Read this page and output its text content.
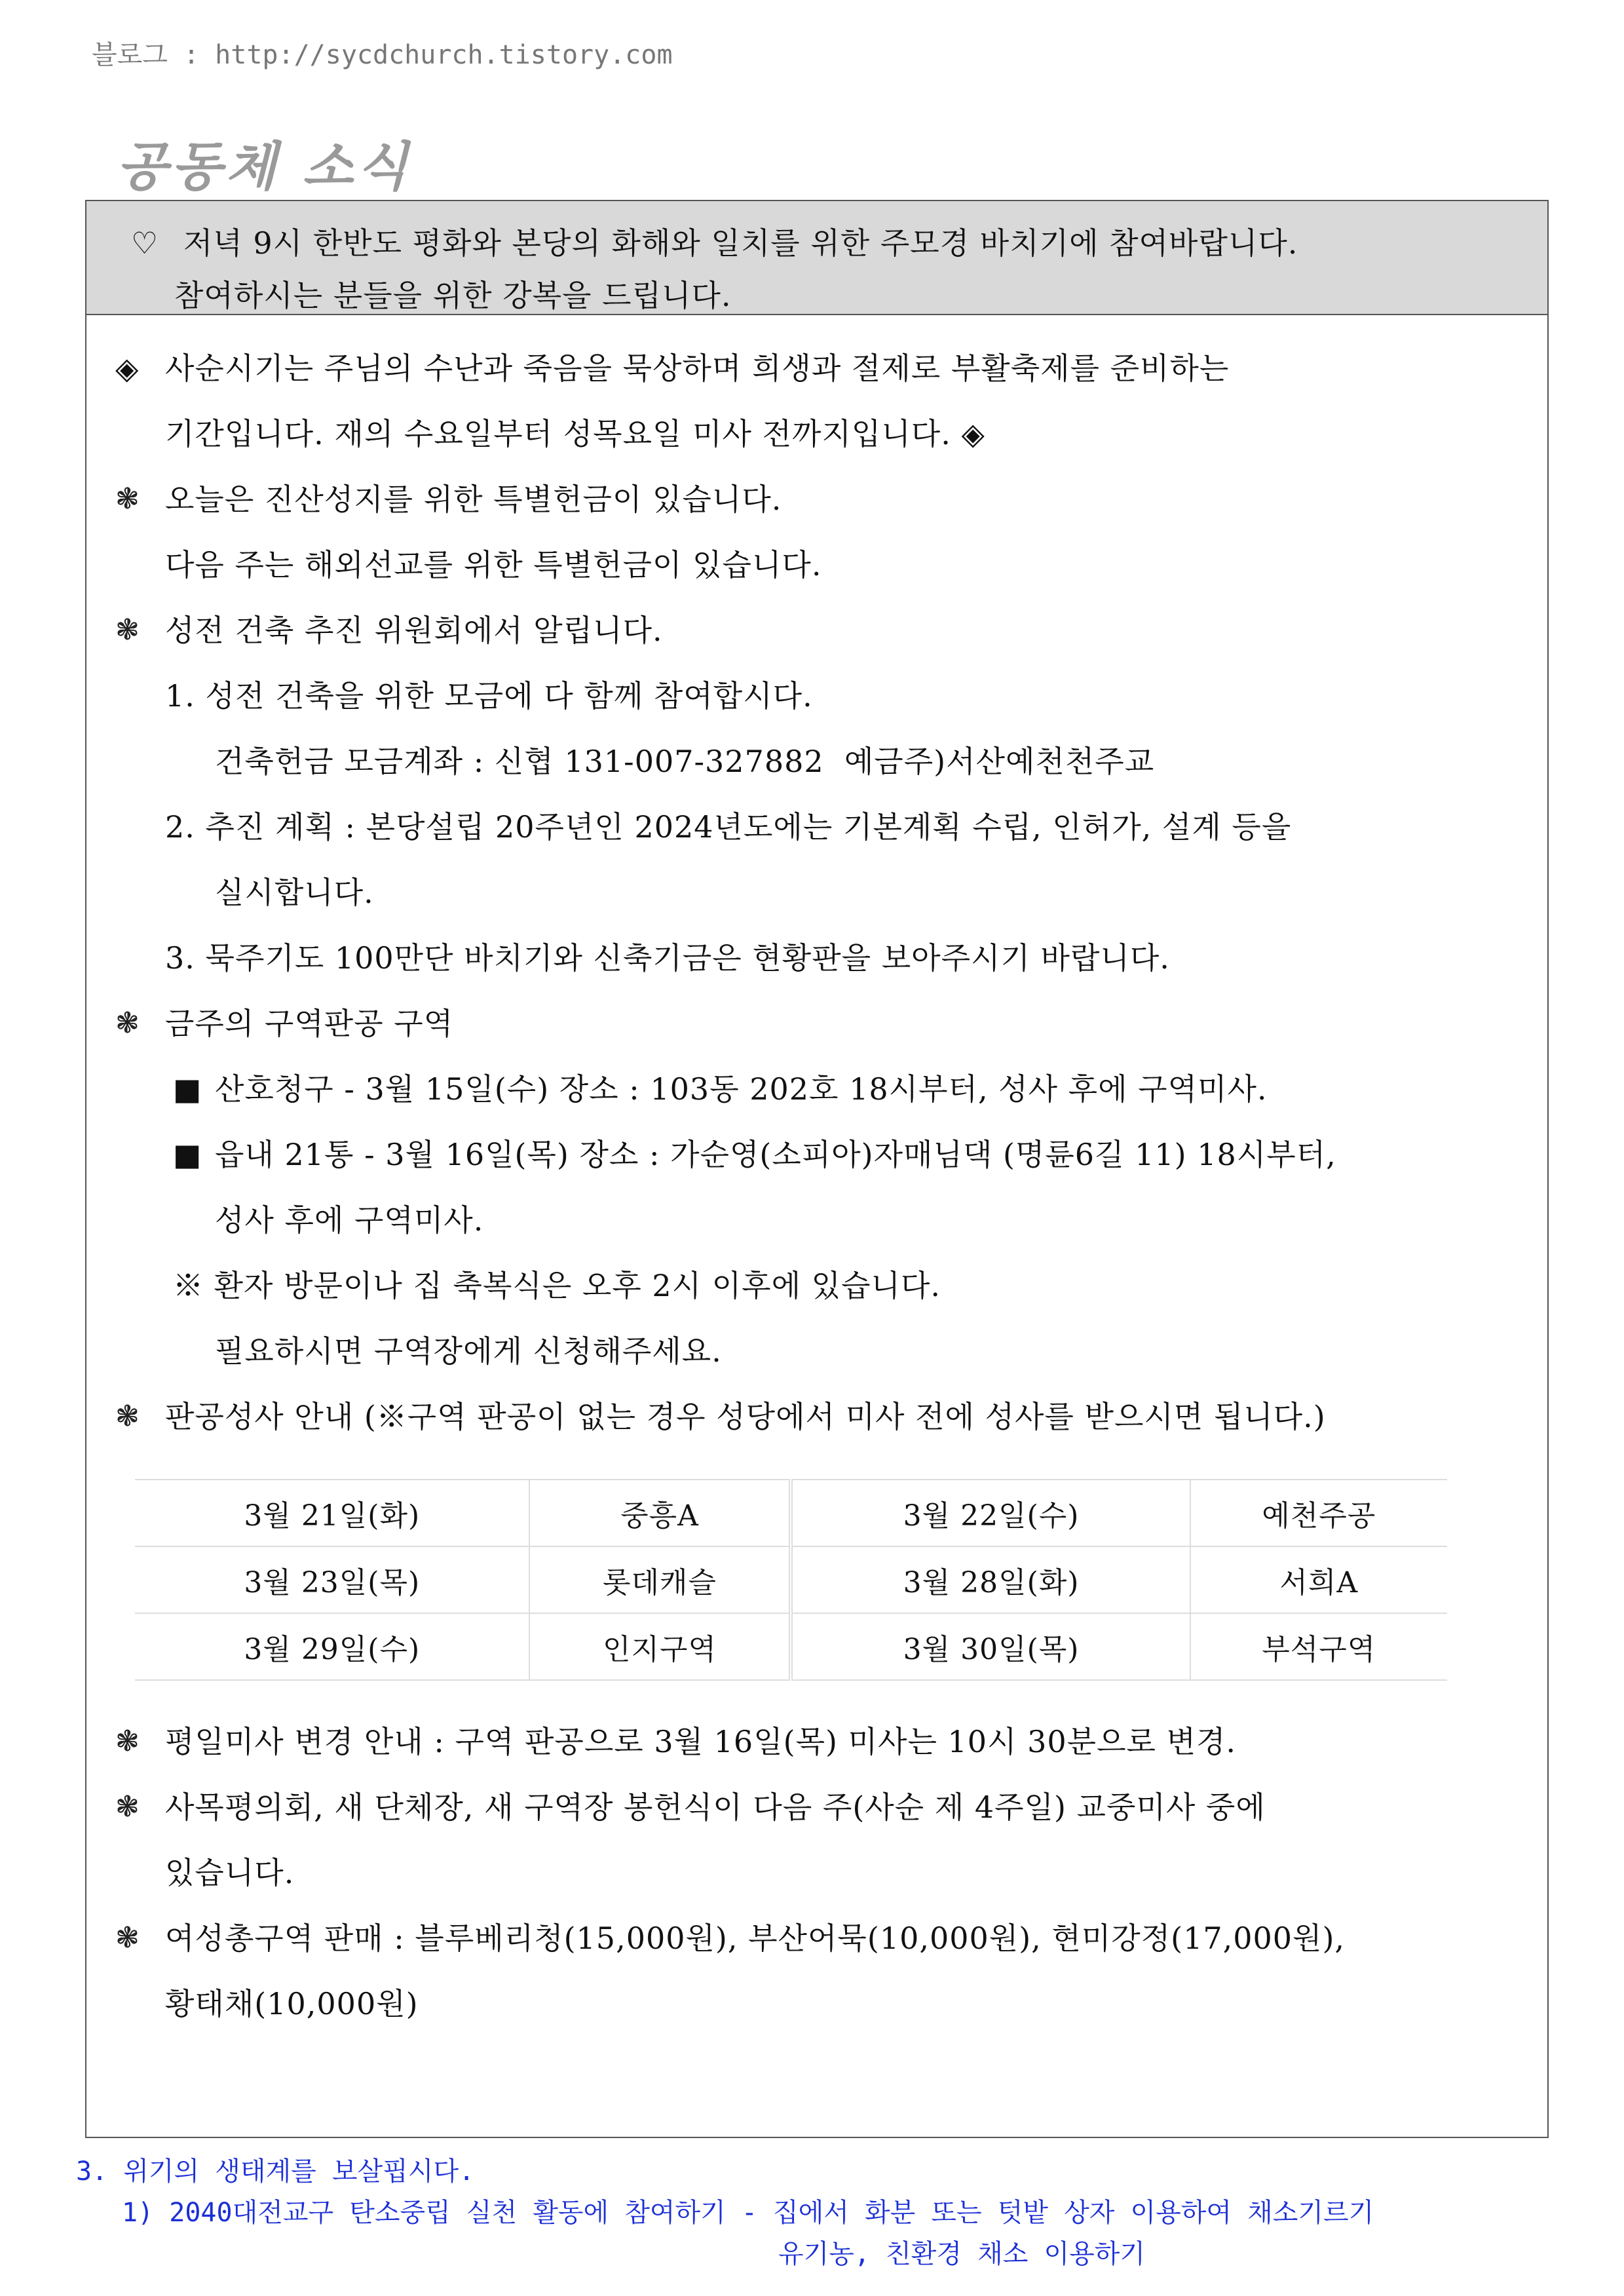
블로그 : http://sycdchurch.tistory.com
공동체 소식
♡ 저녁 9시 한반도 평화와 본당의 화해와 일치를 위한 주모경 바치기에 참여바랍니다.
참여하시는 분들을 위한 강복을 드립니다.
◈ 사순시기는 주님의 수난과 죽음을 묵상하며 희생과 절제로 부활축제를 준비하는
기간입니다. 재의 수요일부터 성목요일 미사 전까지입니다. ◈
❃ 오늘은 진산성지를 위한 특별헌금이 있습니다.
다음 주는 해외선교를 위한 특별헌금이 있습니다.
❃ 성전 건축 추진 위원회에서 알립니다.
1. 성전 건축을 위한 모금에 다 함께 참여합시다.
건축헌금 모금계좌 : 신협 131-007-327882  예금주)서산예천천주교
2. 추진 계획 : 본당설립 20주년인 2024년도에는 기본계획 수립, 인허가, 설계 등을
실시합니다.
3. 묵주기도 100만단 바치기와 신축기금은 현황판을 보아주시기 바랍니다.
❃ 금주의 구역판공 구역
■ 산호청구 - 3월 15일(수) 장소 : 103동 202호 18시부터, 성사 후에 구역미사.
■ 읍내 21통 - 3월 16일(목) 장소 : 가순영(소피아)자매님댁 (명륜6길 11) 18시부터,
성사 후에 구역미사.
※ 환자 방문이나 집 축복식은 오후 2시 이후에 있습니다.
필요하시면 구역장에게 신청해주세요.
❃ 판공성사 안내 (※구역 판공이 없는 경우 성당에서 미사 전에 성사를 받으시면 됩니다.)
❃ 평일미사 변경 안내 : 구역 판공으로 3월 16일(목) 미사는 10시 30분으로 변경.
❃ 사목평의회, 새 단체장, 새 구역장 봉헌식이 다음 주(사순 제 4주일) 교중미사 중에
있습니다.
❃ 여성총구역 판매 : 블루베리청(15,000원), 부산어묵(10,000원), 현미강정(17,000원),
황태채(10,000원)
3월 21일(화)	중흥A	3월 22일(수)	예천주공
3월 23일(목)	롯데캐슬	3월 28일(화)	서희A
3월 29일(수)	인지구역	3월 30일(목)	부석구역
3. 위기의 생태계를 보살핍시다.
1) 2040대전교구 탄소중립 실천 활동에 참여하기 - 집에서 화분 또는 텃밭 상자 이용하여 채소기르기
유기농, 친환경 채소 이용하기
